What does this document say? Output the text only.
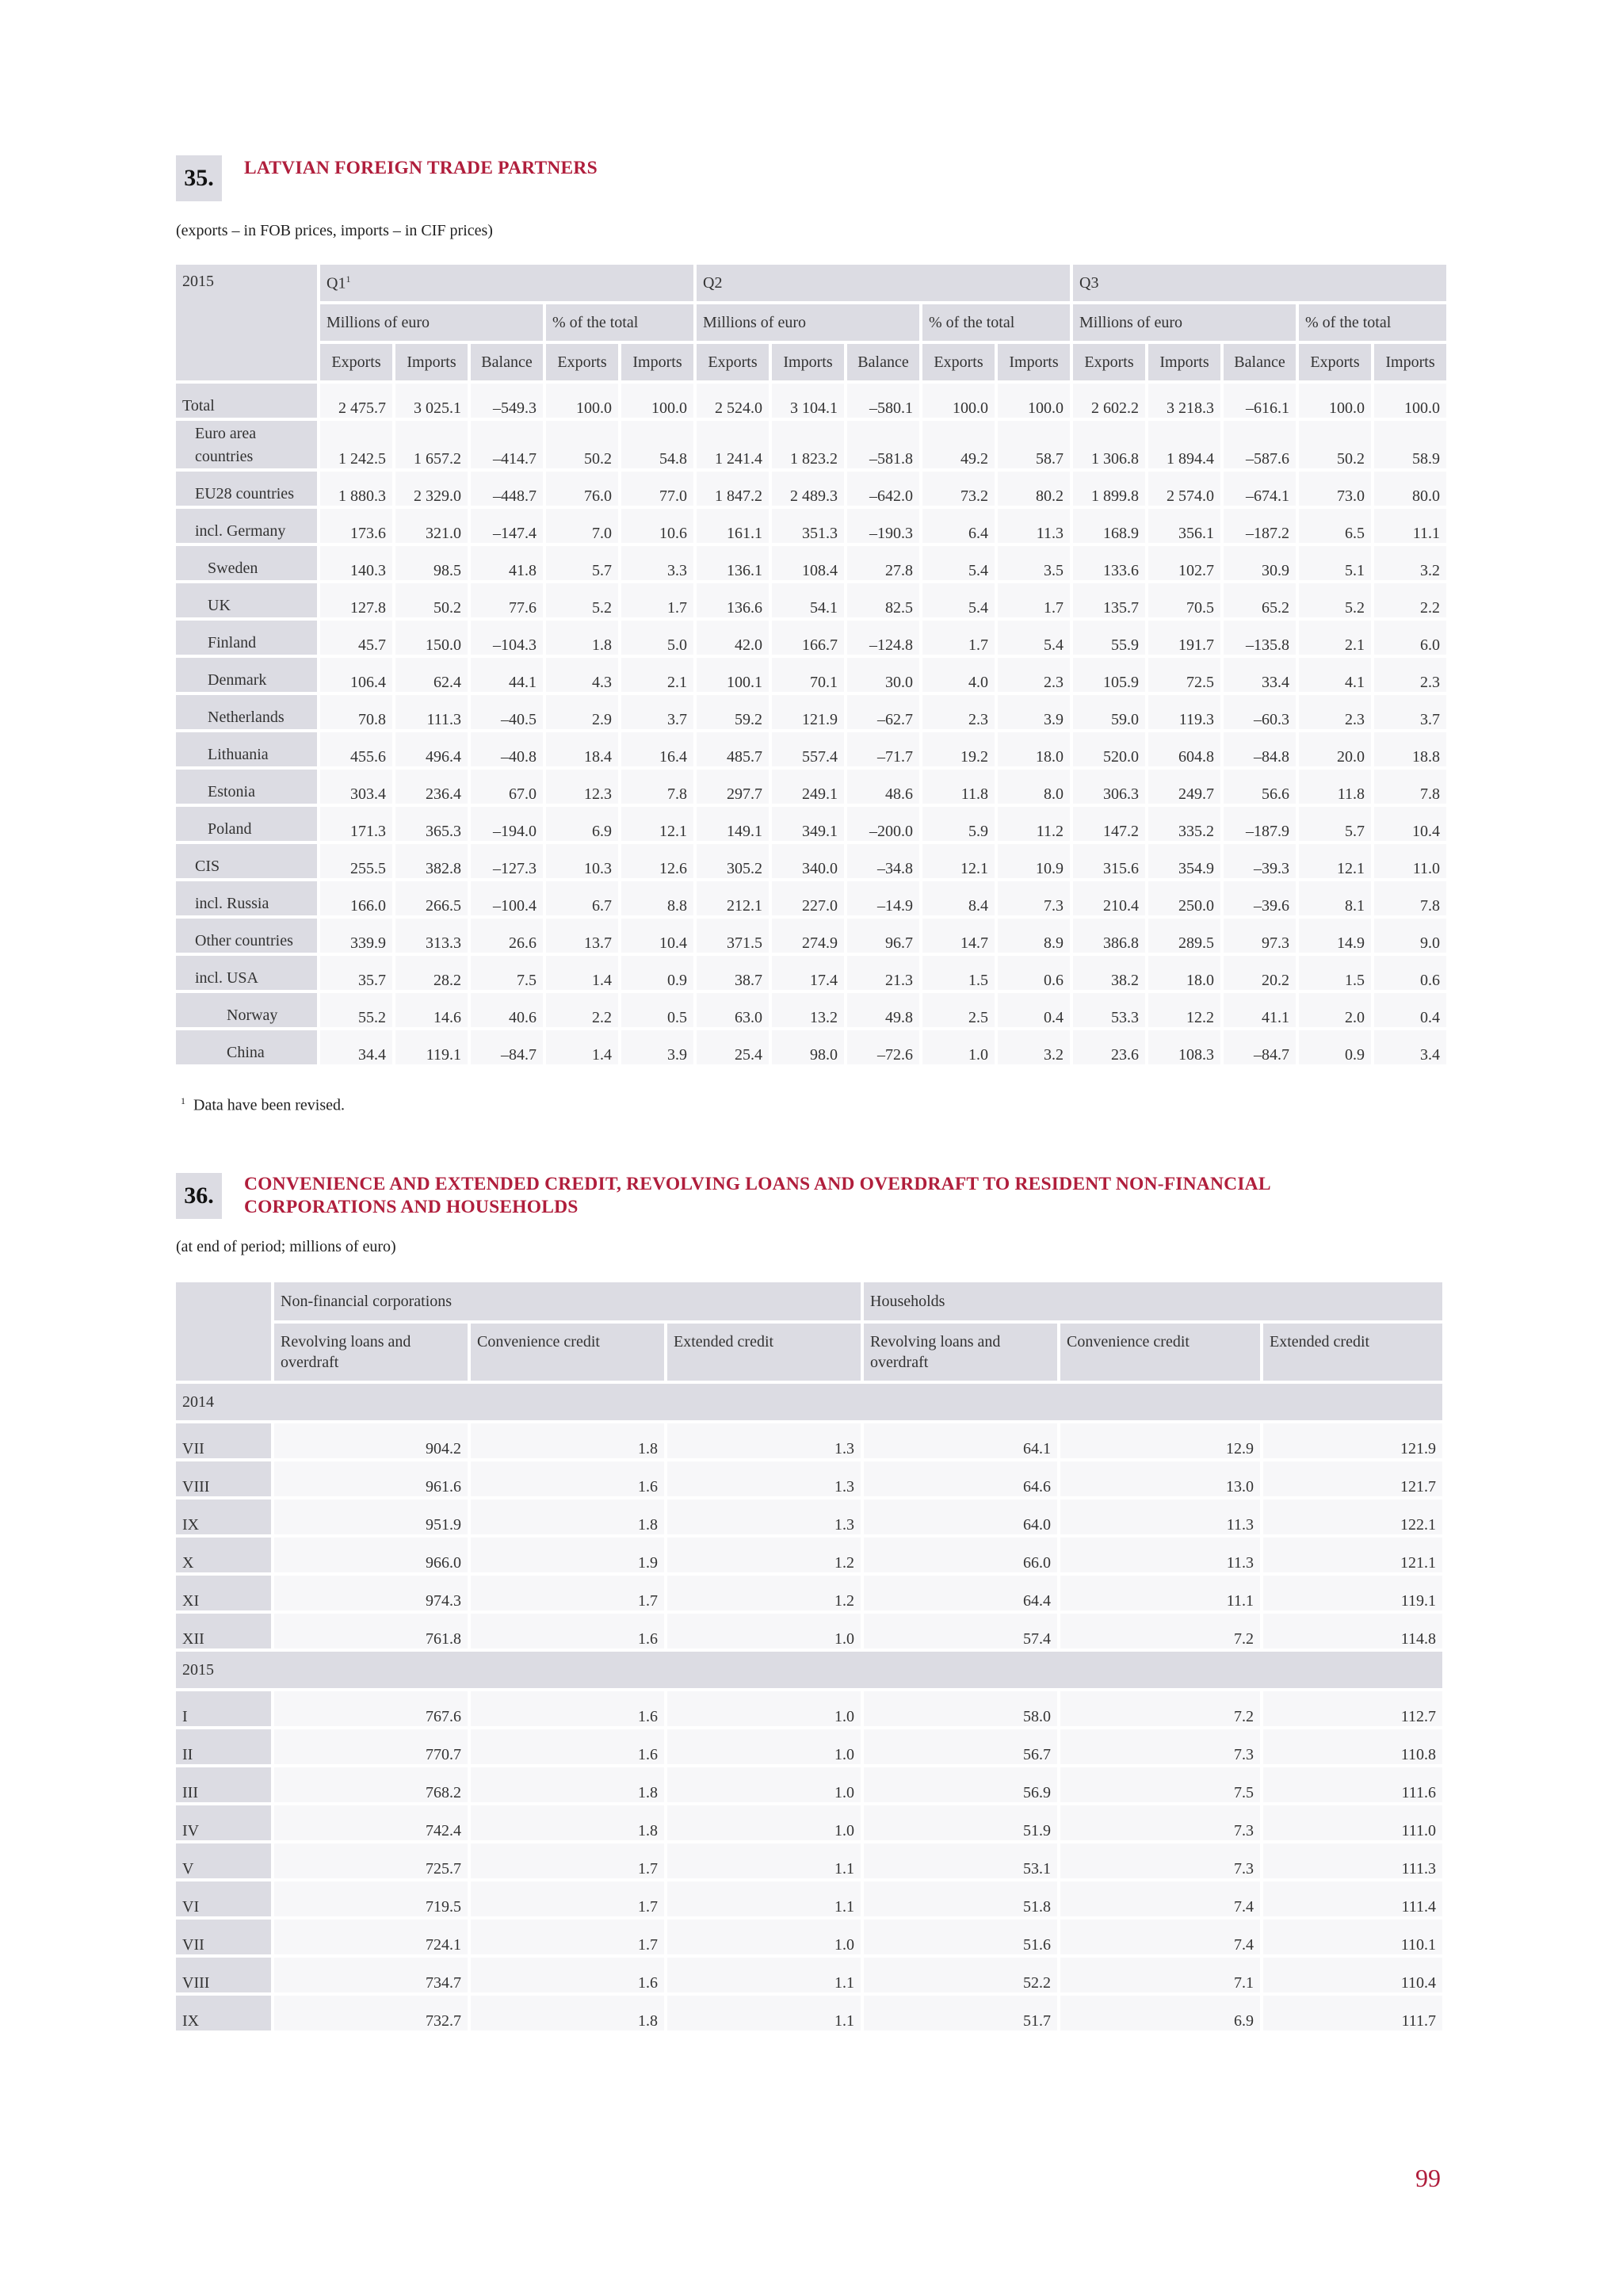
35.	LATVIAN FOREIGN TRADE PARTNERS
(exports – in FOB prices, imports – in CIF prices)
2015	$Q1^1$					Q2					Q3				
	Millions of euro			% of the total		Millions of euro			% of the total		Millions of euro			% of the total	
	Exports	Imports	Balance	Exports	Imports	Exports	Imports	Balance	Exports	Imports	Exports	Imports	Balance	Exports	Imports
Total	2 475.7	3 025.1	–549.3	100.0	100.0	2 524.0	3 104.1	–580.1	100.0	100.0	2 602.2	3 218.3	–616.1	100.0	100.0
Euro area
countries	1 242.5	1 657.2	–414.7	50.2	54.8	1 241.4	1 823.2	–581.8	49.2	58.7	1 306.8	1 894.4	–587.6	50.2	58.9
EU28 countries	1 880.3	2 329.0	–448.7	76.0	77.0	1 847.2	2 489.3	–642.0	73.2	80.2	1 899.8	2 574.0	–674.1	73.0	80.0
incl. Germany	173.6	321.0	–147.4	7.0	10.6	161.1	351.3	–190.3	6.4	11.3	168.9	356.1	–187.2	6.5	11.1
Sweden	140.3	98.5	41.8	5.7	3.3	136.1	108.4	27.8	5.4	3.5	133.6	102.7	30.9	5.1	3.2
UK	127.8	50.2	77.6	5.2	1.7	136.6	54.1	82.5	5.4	1.7	135.7	70.5	65.2	5.2	2.2
Finland	45.7	150.0	–104.3	1.8	5.0	42.0	166.7	–124.8	1.7	5.4	55.9	191.7	–135.8	2.1	6.0
Denmark	106.4	62.4	44.1	4.3	2.1	100.1	70.1	30.0	4.0	2.3	105.9	72.5	33.4	4.1	2.3
Netherlands	70.8	111.3	–40.5	2.9	3.7	59.2	121.9	–62.7	2.3	3.9	59.0	119.3	–60.3	2.3	3.7
Lithuania	455.6	496.4	–40.8	18.4	16.4	485.7	557.4	–71.7	19.2	18.0	520.0	604.8	–84.8	20.0	18.8
Estonia	303.4	236.4	67.0	12.3	7.8	297.7	249.1	48.6	11.8	8.0	306.3	249.7	56.6	11.8	7.8
Poland	171.3	365.3	–194.0	6.9	12.1	149.1	349.1	–200.0	5.9	11.2	147.2	335.2	–187.9	5.7	10.4
CIS	255.5	382.8	–127.3	10.3	12.6	305.2	340.0	–34.8	12.1	10.9	315.6	354.9	–39.3	12.1	11.0
incl. Russia	166.0	266.5	–100.4	6.7	8.8	212.1	227.0	–14.9	8.4	7.3	210.4	250.0	–39.6	8.1	7.8
Other countries	339.9	313.3	26.6	13.7	10.4	371.5	274.9	96.7	14.7	8.9	386.8	289.5	97.3	14.9	9.0
incl. USA	35.7	28.2	7.5	1.4	0.9	38.7	17.4	21.3	1.5	0.6	38.2	18.0	20.2	1.5	0.6
Norway	55.2	14.6	40.6	2.2	0.5	63.0	13.2	49.8	2.5	0.4	53.3	12.2	41.1	2.0	0.4
China	34.4	119.1	–84.7	1.4	3.9	25.4	98.0	–72.6	1.0	3.2	23.6	108.3	–84.7	0.9	3.4
$^1$ Data have been revised.
36.	CONVENIENCE AND EXTENDED CREDIT, REVOLVING LOANS AND OVERDRAFT TO RESIDENT NON-FINANCIAL CORPORATIONS AND HOUSEHOLDS
(at end of period; millions of euro)
	Non-financial corporations			Households		
	Revolving loans and
overdraft	Convenience credit	Extended credit	Revolving loans and
overdraft	Convenience credit	Extended credit
2014						
VII	904.2	1.8	1.3	64.1	12.9	121.9
VIII	961.6	1.6	1.3	64.6	13.0	121.7
IX	951.9	1.8	1.3	64.0	11.3	122.1
X	966.0	1.9	1.2	66.0	11.3	121.1
XI	974.3	1.7	1.2	64.4	11.1	119.1
XII	761.8	1.6	1.0	57.4	7.2	114.8
2015						
I	767.6	1.6	1.0	58.0	7.2	112.7
II	770.7	1.6	1.0	56.7	7.3	110.8
III	768.2	1.8	1.0	56.9	7.5	111.6
IV	742.4	1.8	1.0	51.9	7.3	111.0
V	725.7	1.7	1.1	53.1	7.3	111.3
VI	719.5	1.7	1.1	51.8	7.4	111.4
VII	724.1	1.7	1.0	51.6	7.4	110.1
VIII	734.7	1.6	1.1	52.2	7.1	110.4
IX	732.7	1.8	1.1	51.7	6.9	111.7
99
